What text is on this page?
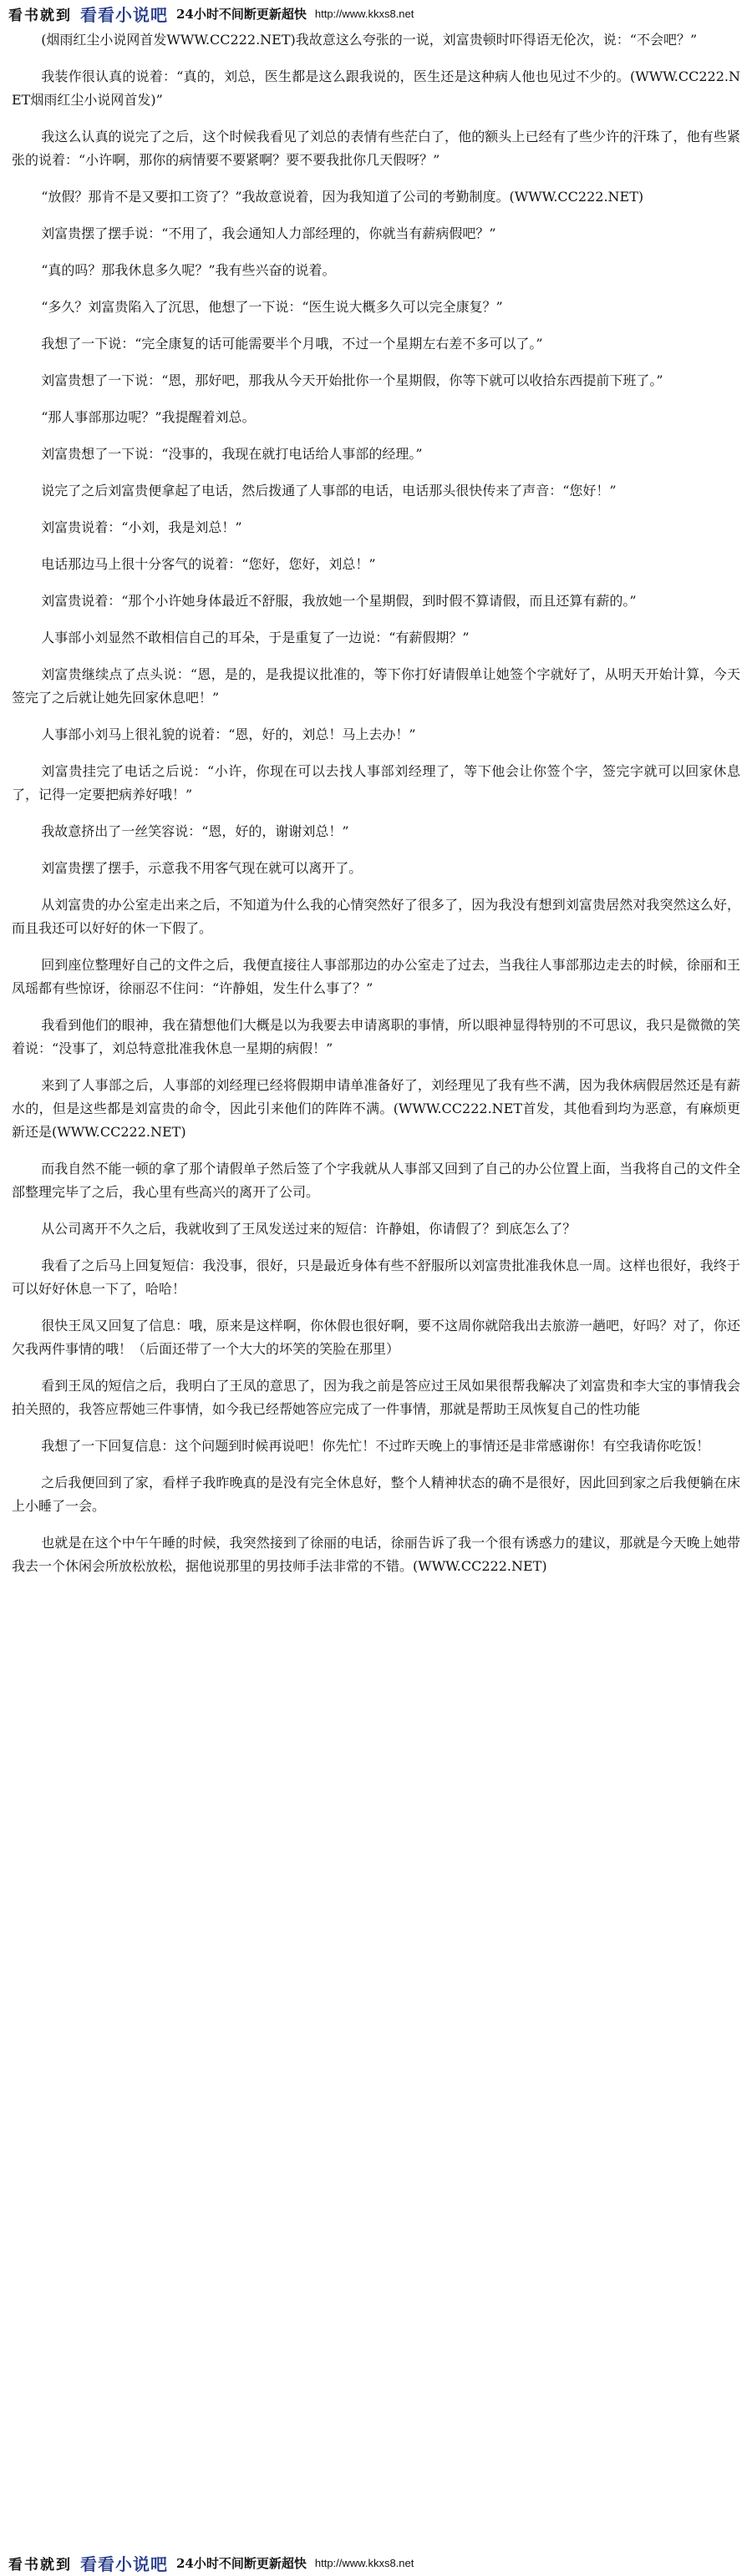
看书就到 看看小说吧 24小时不间断更新超快 http://www.kkxs8.net

(烟雨红尘小说网首发WWW.CC222.NET)我故意这么夸张的一说，刘富贵顿时吓得语无伦次，说：“不会吧？”

我装作很认真的说着：“真的，刘总，医生都是这么跟我说的，医生还是这种病人他也见过不少的。(WWW.CC222.NET烟雨红尘小说网首发)”

我这么认真的说完了之后，这个时候我看见了刘总的表情有些茫白了，他的额头上已经有了些少许的汗珠了，他有些紧张的说着：“小许啊，那你的病情要不要紧啊？要不要我批你几天假呀？”

“放假？那肯不是又要扣工资了？”我故意说着，因为我知道了公司的考勤制度。(WWW.CC222.NET)

刘富贵摆了摆手说：“不用了，我会通知人力部经理的，你就当有薪病假吧？”

“真的吗？那我休息多久呢？”我有些兴奋的说着。

“多久？刘富贵陷入了沉思，他想了一下说：“医生说大概多久可以完全康复？”

我想了一下说：“完全康复的话可能需要半个月哦，不过一个星期左右差不多可以了。”

刘富贵想了一下说：“恩，那好吧，那我从今天开始批你一个星期假，你等下就可以收拾东西提前下班了。”

“那人事部那边呢？”我提醒着刘总。

刘富贵想了一下说：“没事的，我现在就打电话给人事部的经理。”

说完了之后刘富贵便拿起了电话，然后拨通了人事部的电话，电话那头很快传来了声音：“您好！”

刘富贵说着：“小刘，我是刘总！”

电话那边马上很十分客气的说着：“您好，您好，刘总！”

刘富贵说着：“那个小许她身体最近不舒服，我放她一个星期假，到时假不算请假，而且还算有薪的。”

人事部小刘显然不敢相信自己的耳朵，于是重复了一边说：“有薪假期？”

刘富贵继续点了点头说：“恩，是的，是我提议批准的，等下你打好请假单让她签个字就好了，从明天开始计算，今天签完了之后就让她先回家休息吧！”

人事部小刘马上很礼貌的说着：“恩，好的，刘总！马上去办！”

刘富贵挂完了电话之后说：“小许，你现在可以去找人事部刘经理了，等下他会让你签个字，签完字就可以回家休息了，记得一定要把病养好哦！”

我故意挤出了一丝笑容说：“恩，好的，谢谢刘总！”

刘富贵摆了摆手，示意我不用客气现在就可以离开了。

从刘富贵的办公室走出来之后，不知道为什么我的心情突然好了很多了，因为我没有想到刘富贵居然对我突然这么好，而且我还可以好好的休一下假了。

回到座位整理好自己的文件之后，我便直接往人事部那边的办公室走了过去，当我往人事部那边走去的时候，徐丽和王凤瑶都有些惊讶，徐丽忍不住问：“许静姐，发生什么事了？”

我看到他们的眼神，我在猜想他们大概是以为我要去申请离职的事情，所以眼神显得特别的不可思议，我只是微微的笑着说：“没事了，刘总特意批准我休息一星期的病假！”

来到了人事部之后，人事部的刘经理已经将假期申请单准备好了，刘经理见了我有些不满，因为我休病假居然还是有薪水的，但是这些都是刘富贵的命令，因此引来他们的阵阵不满。(WWW.CC222.NET首发，其他看到均为恶意，有麻烦更新还是(WWW.CC222.NET)

而我自然不能一顿的拿了那个请假单子然后签了个字我就从人事部又回到了自己的办公位置上面，当我将自己的文件全部整理完毕了之后，我心里有些高兴的离开了公司。

从公司离开不久之后，我就收到了王凤发送过来的短信：许静姐，你请假了？到底怎么了？

我看了之后马上回复短信：我没事，很好，只是最近身体有些不舒服所以刘富贵批准我休息一周。这样也很好，我终于可以好好休息一下了，哈哈！

很快王凤又回复了信息：哦，原来是这样啊，你休假也很好啊，要不这周你就陪我出去旅游一趟吧，好吗？对了，你还欠我两件事情的哦！（后面还带了一个大大的坏笑的笑脸在那里）

看到王凤的短信之后，我明白了王凤的意思了，因为我之前是答应过王凤如果很帮我解决了刘富贵和李大宝的事情我会拍关照的，我答应帮她三件事情，如今我已经帮她答应完成了一件事情，那就是帮助王凤恢复自己的性功能

我想了一下回复信息：这个问题到时候再说吧！你先忙！不过昨天晚上的事情还是非常感谢你！有空我请你吃饭！

之后我便回到了家，看样子我昨晚真的是没有完全休息好，整个人精神状态的确不是很好，因此回到家之后我便躺在床上小睡了一会。

也就是在这个中午午睡的时候，我突然接到了徐丽的电话，徐丽告诉了我一个很有诱惑力的建议，那就是今天晚上她带我去一个休闲会所放松放松，据他说那里的男技师手法非常的不错。(WWW.CC222.NET)

看书就到 看看小说吧 24小时不间断更新超快 http://www.kkxs8.net
